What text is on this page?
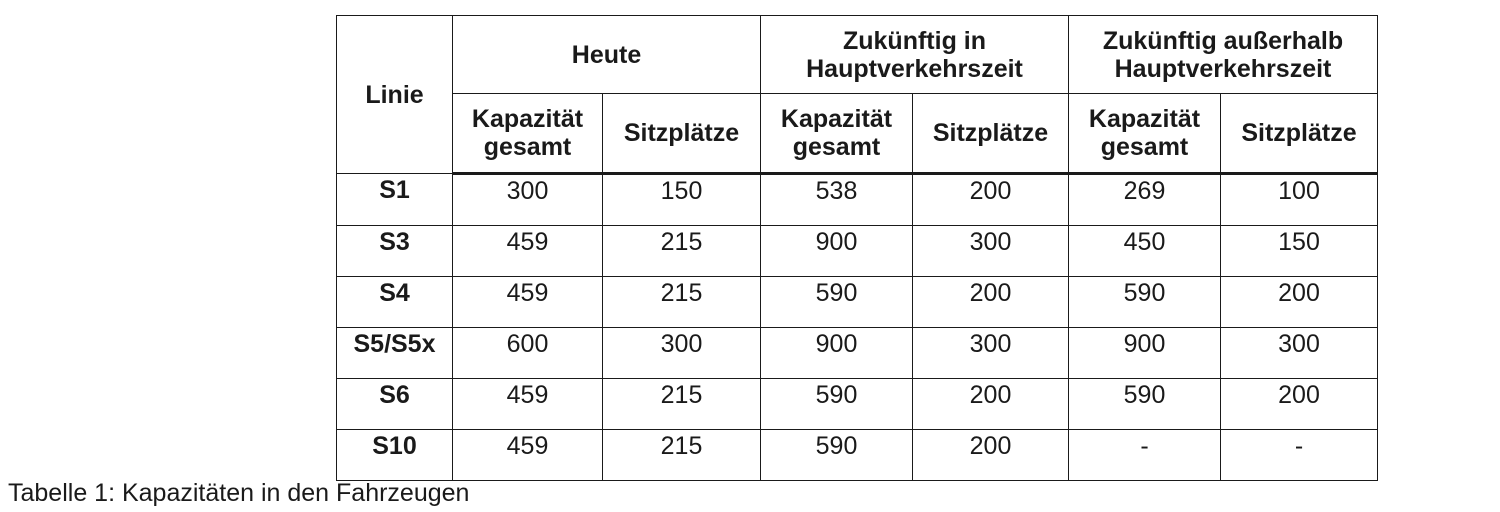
Linie	Heute		Zukünftig in Hauptverkehrszeit		Zukünftig außerhalb Hauptverkehrszeit	
	Kapazität gesamt	Sitzplätze	Kapazität gesamt	Sitzplätze	Kapazität gesamt	Sitzplätze
S1	300	150	538	200	269	100
S3	459	215	900	300	450	150
S4	459	215	590	200	590	200
S5/S5x	600	300	900	300	900	300
S6	459	215	590	200	590	200
S10	459	215	590	200	-	-
Tabelle 1: Kapazitäten in den Fahrzeugen
